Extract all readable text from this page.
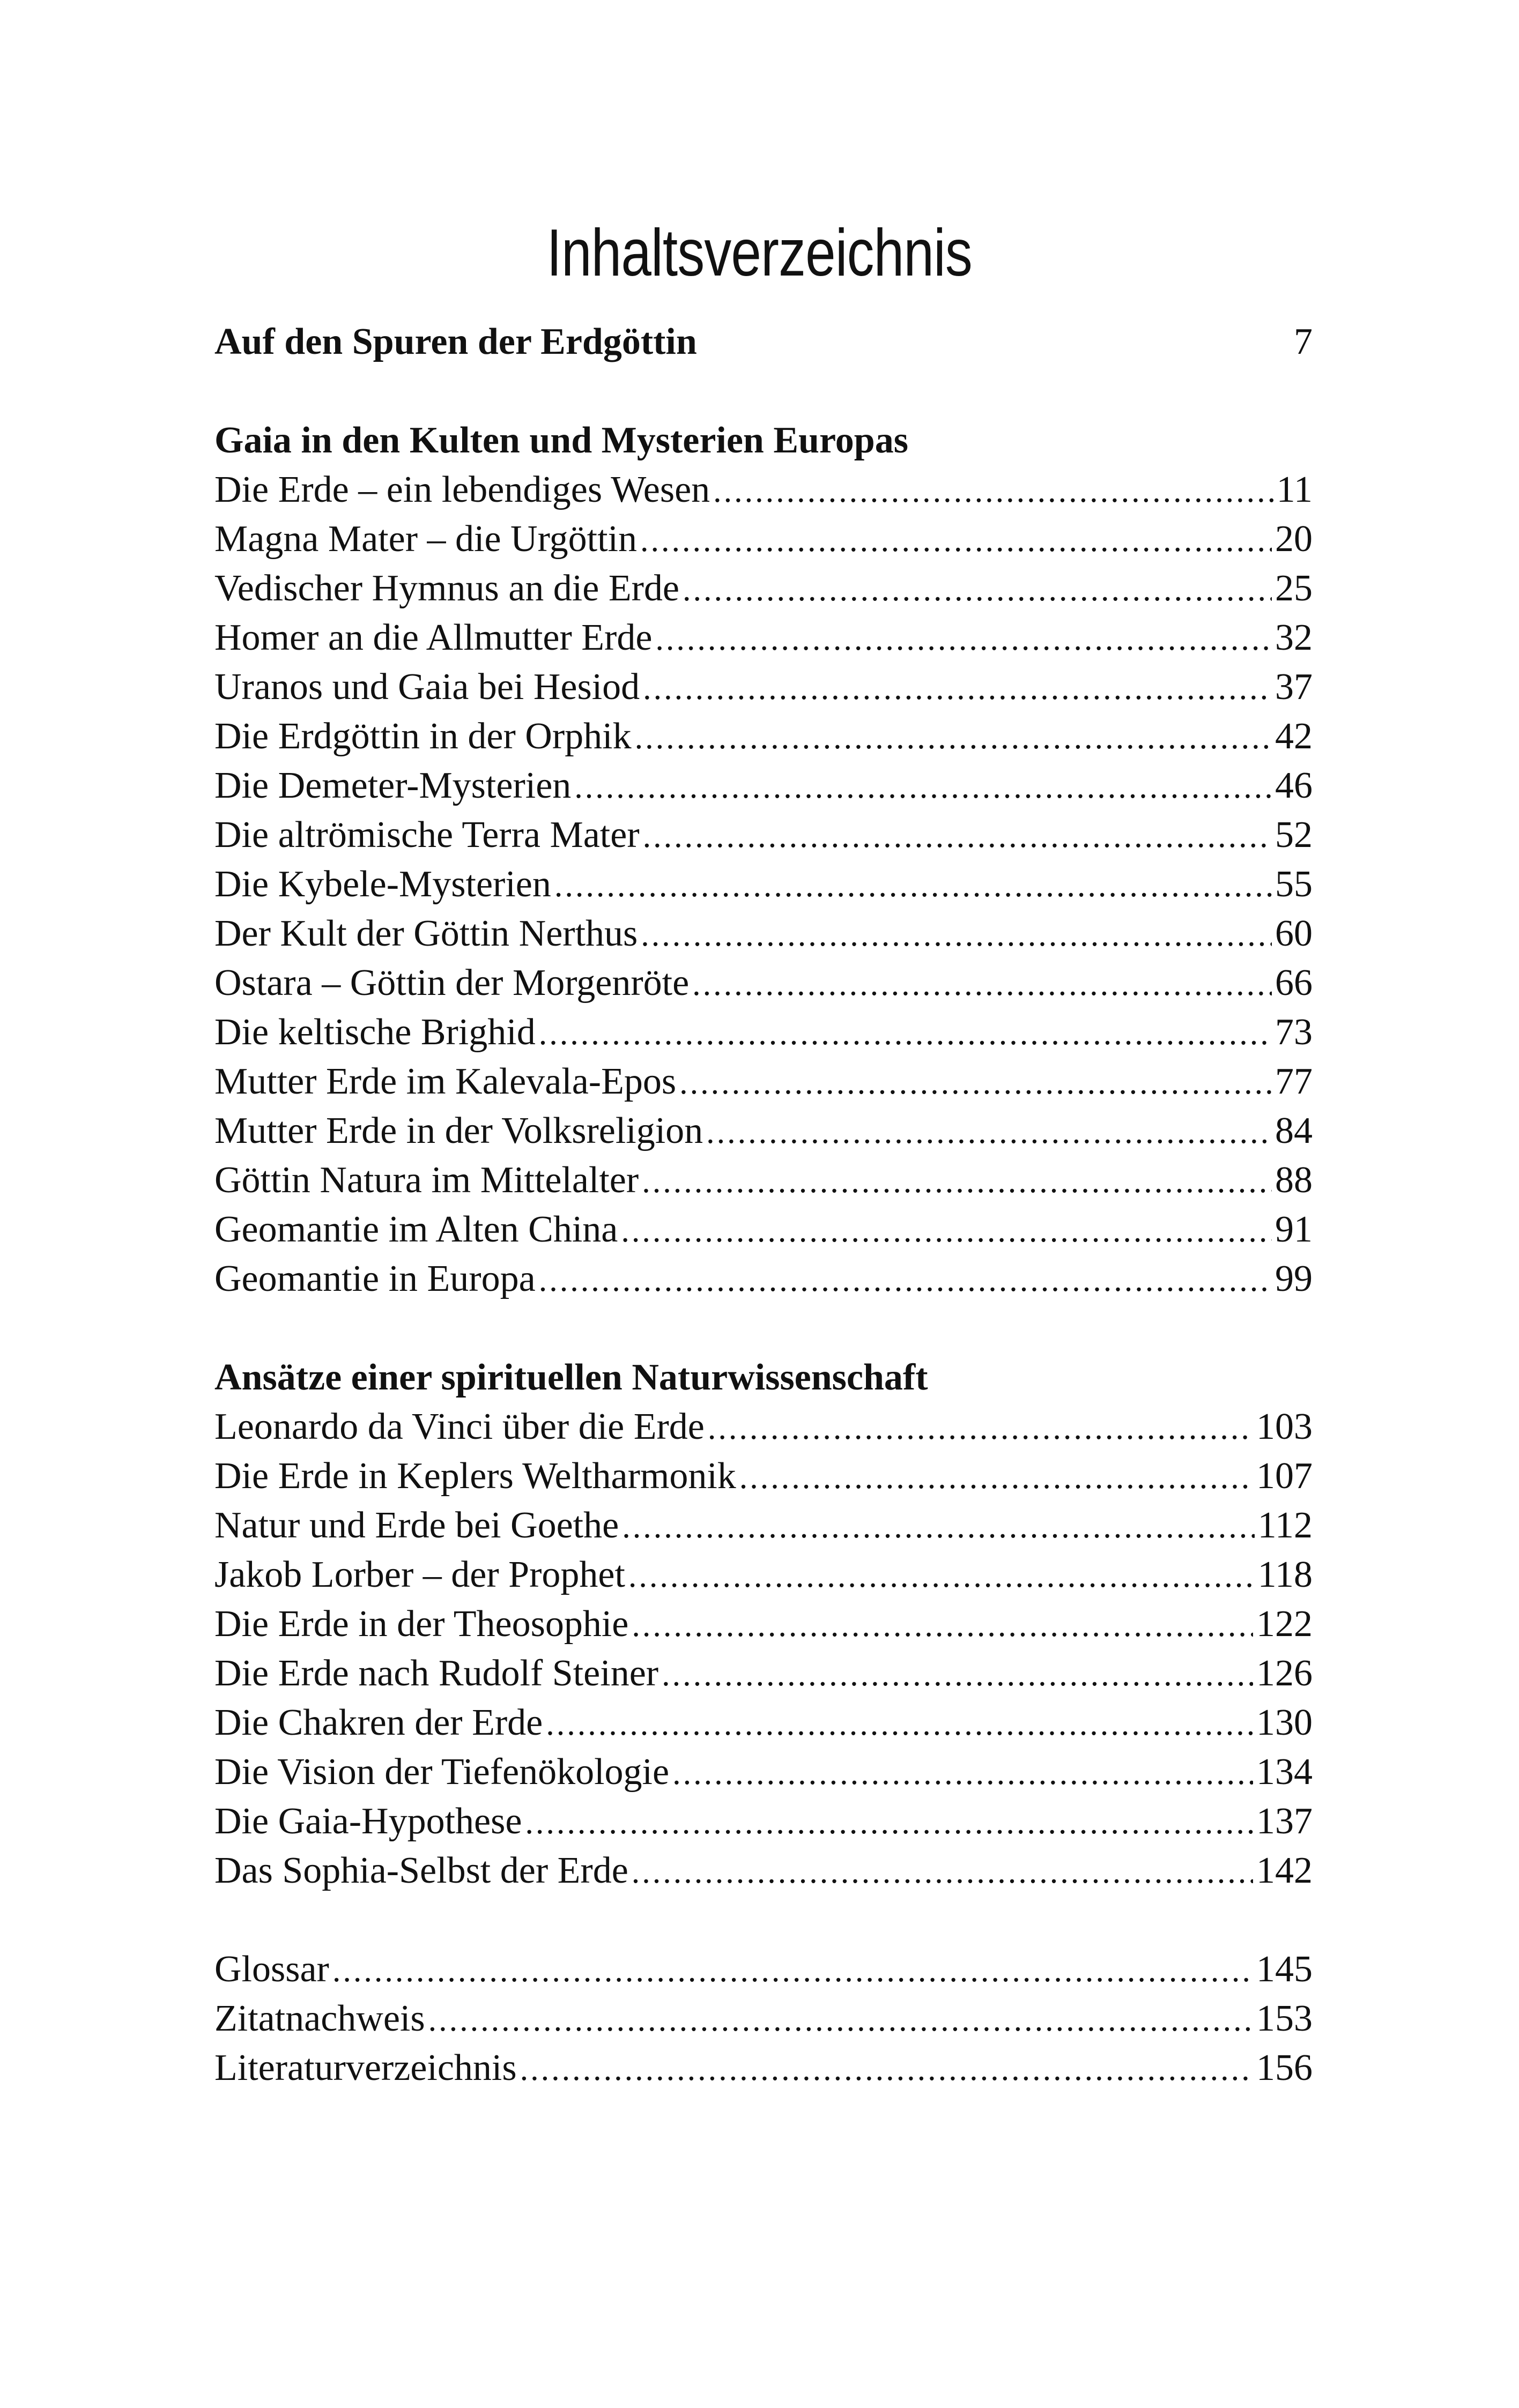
Inhaltsverzeichnis
Auf den Spuren der Erdgöttin	7
Gaia in den Kulten und Mysterien Europas
Die Erde – ein lebendiges Wesen .....	11
Magna Mater – die Urgöttin .....	20
Vedischer Hymnus an die Erde .....	25
Homer an die Allmutter Erde .....	32
Uranos und Gaia bei Hesiod .....	37
Die Erdgöttin in der Orphik .....	42
Die Demeter-Mysterien .....	46
Die altrömische Terra Mater .....	52
Die Kybele-Mysterien .....	55
Der Kult der Göttin Nerthus .....	60
Ostara – Göttin der Morgenröte .....	66
Die keltische Brighid .....	73
Mutter Erde im Kalevala-Epos .....	77
Mutter Erde in der Volksreligion .....	84
Göttin Natura im Mittelalter .....	88
Geomantie im Alten China .....	91
Geomantie in Europa .....	99
Ansätze einer spirituellen Naturwissenschaft
Leonardo da Vinci über die Erde .....	103
Die Erde in Keplers Weltharmonik .....	107
Natur und Erde bei Goethe .....	112
Jakob Lorber – der Prophet .....	118
Die Erde in der Theosophie .....	122
Die Erde nach Rudolf Steiner .....	126
Die Chakren der Erde .....	130
Die Vision der Tiefenökologie .....	134
Die Gaia-Hypothese .....	137
Das Sophia-Selbst der Erde .....	142
Glossar .....	145
Zitatnachweis .....	153
Literaturverzeichnis .....	156
